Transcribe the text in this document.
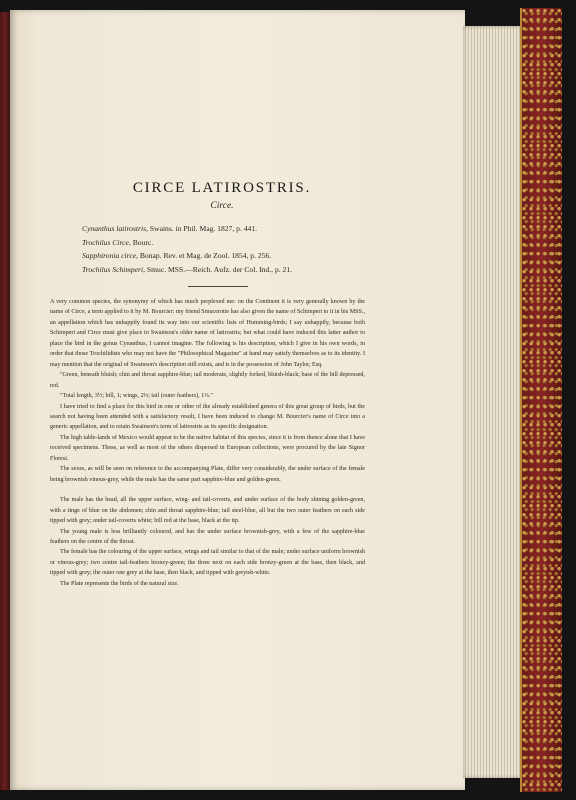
CIRCE LATIROSTRIS.
Circe.
Cynanthus latirostris, Swains. in Phil. Mag. 1827, p. 441.
Trochilus Circe, Bourc.
Sapphironia circe, Bonap. Rev. et Mag. de Zool. 1854, p. 256.
Trochilus Schimperi, Smuc. MSS.—Reich. Aufz. der Col. Ind., p. 21.

A very common species, the synonymy of which has much perplexed me: on the Continent it is very generally known by the name of Circe, a term applied to it by M. Bourcier: my friend Smucerotte has also given the name of Schimperi to it in his MSS., an appellation which has unhappily found its way into our scientific lists of Humming-birds; I say unhappily, because both Schimperi and Circe must give place to Swainson's older name of latirostris; but what could have induced this latter author to place the bird in the genus Cynanthus, I cannot imagine. The following is his description, which I give in his own words, in order that those Trochilidists who may not have the "Philosophical Magazine" at hand may satisfy themselves as to its identity. I may mention that the original of Swainson's description still exists, and is in the possession of John Taylor, Esq.

"Green, beneath bluish; chin and throat sapphire-blue; tail moderate, slightly forked, bluish-black; base of the bill depressed, red.

"Total length, 3½; bill, 1; wings, 2⅓; tail (outer feathers), 1⅓."

I have tried to find a place for this bird in one or other of the already established genera of this great group of birds, but the search not having been attended with a satisfactory result, I have been induced to change M. Bourcier's name of Circe into a generic appellation, and to retain Swainson's term of latirostris as its specific designation.

The high table-lands of Mexico would appear to be the native habitat of this species, since it is from thence alone that I have received specimens. These, as well as most of the others dispersed in European collections, were procured by the late Signor Floresi.

The sexes, as will be seen on reference to the accompanying Plate, differ very considerably, the under surface of the female being brownish vinous-grey, while the male has the same part sapphire-blue and golden-green.

The male has the head, all the upper surface, wing- and tail-coverts, and under surface of the body shining golden-green, with a tinge of blue on the abdomen; chin and throat sapphire-blue; tail steel-blue, all but the two outer feathers on each side tipped with grey; under tail-coverts white; bill red at the base, black at the tip.

The young male is less brilliantly coloured, and has the under surface brownish-grey, with a few of the sapphire-blue feathers on the centre of the throat.

The female has the colouring of the upper surface, wings and tail similar to that of the male; under surface uniform brownish or vinous-grey; two centre tail-feathers bronzy-green; the three next on each side bronzy-green at the base, then black, and tipped with grey; the outer one grey at the base, then black, and tipped with greyish-white.

The Plate represents the birds of the natural size.
